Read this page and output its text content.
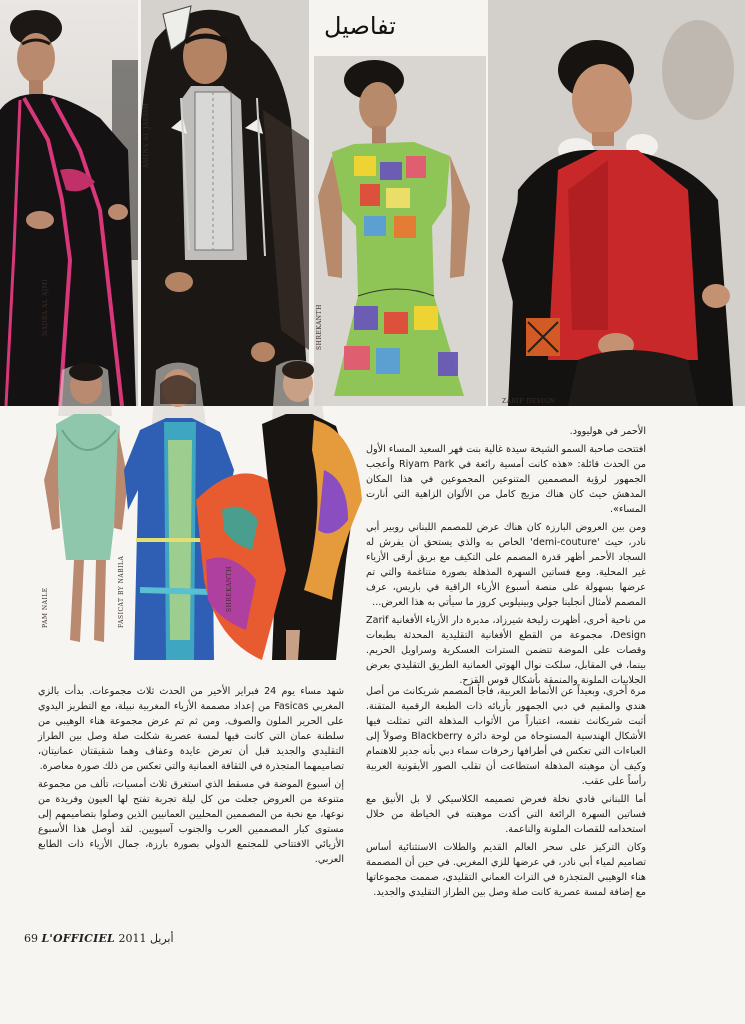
NADRA AL AJMI
AMINA AL JASSIM
تفاصيل
SHREKANTH
ZARIF DESIGN
PAM NAILE	FASICAT BY NABILA	SHREKANTH

الأحمر في هوليوود.

افتتحت صاحبة السمو الشيخة سيدة غالية بنت فهر السعيد المساء الأول من الحدث قائلة: «هذه كانت أمسية رائعة في Riyam Park وأعجب الجمهور لرؤية المصممين المتنوعين المجموعين في هذا المكان المدهش حيث كان هناك مزيج كامل من الألوان الزاهية التي أنارت المساء».

ومن بين العروض البارزة كان هناك عرض للمصمم اللبناني روبير أبي نادر، حيث 'demi-couture' الخاص به والذي يستحق أن يفرش له السجاد الأحمر أظهر قدرة المصمم على التكيف مع بريق أرقى الأزياء غير المحلية. ومع فساتين السهرة المذهلة بصورة متناغمة والتي تم عرضها بسهولة على منصة أسبوع الأزياء الراقية في باريس، عرف المصمم لأمثال أنجلينا جولي وبينيلوبي كروز ما سيأتي به هذا العرض...

من ناحية أخرى، أظهرت زليخة شيرزاد، مديرة دار الأزياء الأفغانية Zarif Design، مجموعة من القطع الأفغانية التقليدية المحدثة بطبعات وقصات على الموضة تتضمن السترات العسكرية وسراويل الحريم. بينما، في المقابل، سلكت نوال الهوتي العمانية الطريق التقليدي بعرض الجلابيات الملونة والمنمقة بأشكال قوس القزح.

مرة أخرى، وبعيداً عن الأنماط العربية، فاجأ المصمم شريكانث من أصل هندي والمقيم في دبي الجمهور بأزيائه ذات الطبعة الرقمية المتقنة. أثبت شريكانث نفسه، اعتباراً من الأثواب المذهلة التي تمثلت فيها الأشكال الهندسية المستوحاة من لوحة دائرة Blackberry وصولاً إلى العباءات التي تعكس في أطرافها زخرفات سماء دبي بأنه جدير للاهتمام وكيف أن موهبته المذهلة استطاعت أن تقلب الصور الأيقونية العربية رأساً على عقب.

أما اللبناني فادي نخلة فعرض تصميمه الكلاسيكي لا بل الأنيق مع فساتين السهرة الرائعة التي أكدت موهبته في الخياطة من خلال استخدامه للقصات الملونة والناعمة.

وكان التركيز على سحر العالم القديم والطلات الاستثنائية أساس تصاميم لمياء أبي نادر، في عرضها للزي المغربي. في حين أن المصممة هناء الوهيبي المتجذرة في التراث العماني التقليدي، صممت مجموعاتها مع إضافة لمسة عصرية كانت صلة وصل بين الطراز التقليدي والجديد.

شهد مساء يوم 24 فبراير الأخير من الحدث ثلاث مجموعات. بدأت بالزي المغربي Fasicas من إعداد مصممة الأزياء المغربية نبيلة، مع التطريز اليدوي على الحرير الملون والصوف. ومن ثم تم عرض مجموعة هناء الوهيبي من سلطنة عمان التي كانت فيها لمسة عصرية شكلت صلة وصل بين الطراز التقليدي والجديد قبل أن تعرض عايدة وعفاف وهما شقيقتان عمانيتان، تصاميمهما المتجذرة في الثقافة العمانية والتي تعكس من ذلك صورة معاصرة.

إن أسبوع الموضة في مسقط الذي استغرق ثلاث أمسيات، تألف من مجموعة متنوعة من العروض جعلت من كل ليلة تجربة تفتح لها العيون وفريدة من نوعها، مع نخبة من المصممين المحليين العمانيين الذين وصلوا بتصاميمهم إلى مستوى كبار المصممين العرب والجنوب آسيويين. لقد أوصل هذا الأسبوع الأزيائي الافتتاحي للمجتمع الدولي بصورة بارزة، جمال الأزياء ذات الطابع العربي.

69 L'OFFICIEL 2011 أبريل
